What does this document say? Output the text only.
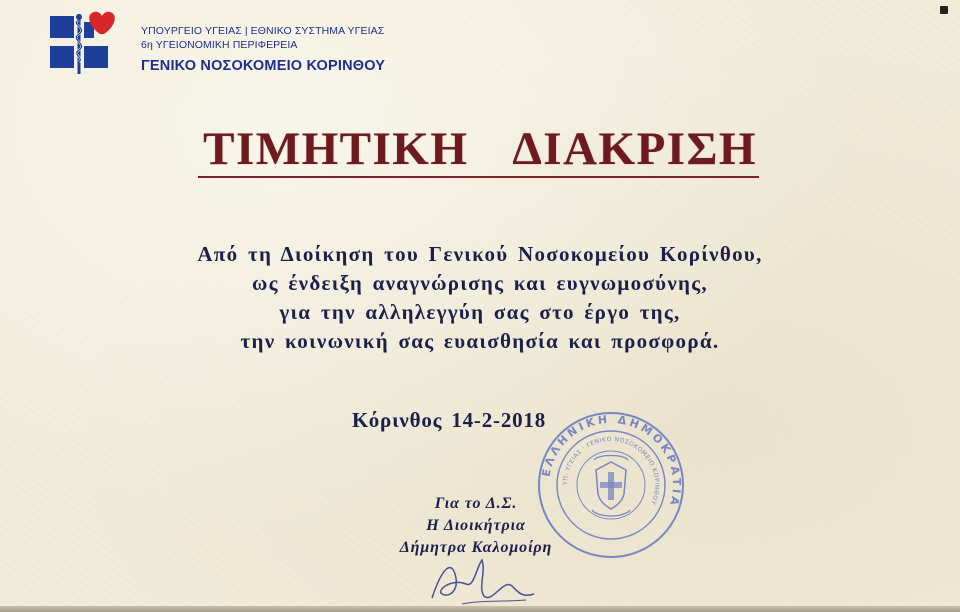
ΥΠΟΥΡΓΕΙΟ ΥΓΕΙΑΣ | ΕΘΝΙΚΟ ΣΥΣΤΗΜΑ ΥΓΕΙΑΣ
6η ΥΓΕΙΟΝΟΜΙΚΗ ΠΕΡΙΦΕΡΕΙΑ
ΓΕΝΙΚΟ ΝΟΣΟΚΟΜΕΙΟ ΚΟΡΙΝΘΟΥ
ΤΙΜΗΤΙΚΗ  ΔΙΑΚΡΙΣΗ
Από τη Διοίκηση του Γενικού Νοσοκομείου Κορίνθου,
ως ένδειξη αναγνώρισης και ευγνωμοσύνης,
για την αλληλεγγύη σας στο έργο της,
την κοινωνική σας ευαισθησία και προσφορά.
Κόρινθος 14-2-2018
ΕΛΛΗΝΙΚΗ ΔΗΜΟΚΡΑΤΙΑ
ΥΠ. ΥΓΕΙΑΣ · ΓΕΝΙΚΟ ΝΟΣΟΚΟΜΕΙΟ ΚΟΡΙΝΘΟΥ
Για το Δ.Σ.
Η Διοικήτρια
Δήμητρα Καλομοίρη
